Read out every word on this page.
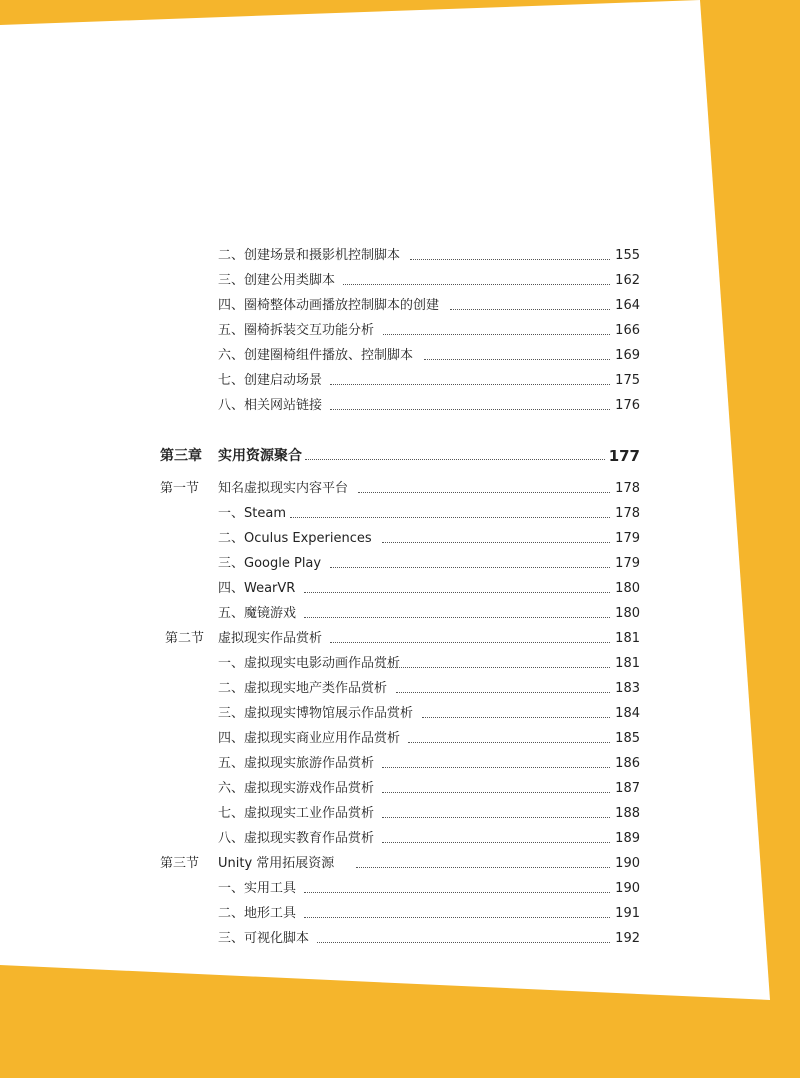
二、创建场景和摄影机控制脚本	155
三、创建公用类脚本	162
四、圈椅整体动画播放控制脚本的创建	164
五、圈椅拆装交互功能分析	166
六、创建圈椅组件播放、控制脚本	169
七、创建启动场景	175
八、相关网站链接	176
第三章 实用资源聚合	177
第一节 知名虚拟现实内容平台	178
一、Steam	178
二、Oculus Experiences	179
三、Google Play	179
四、WearVR	180
五、魔镜游戏	180
第二节 虚拟现实作品赏析	181
一、虚拟现实电影动画作品赏析	181
二、虚拟现实地产类作品赏析	183
三、虚拟现实博物馆展示作品赏析	184
四、虚拟现实商业应用作品赏析	185
五、虚拟现实旅游作品赏析	186
六、虚拟现实游戏作品赏析	187
七、虚拟现实工业作品赏析	188
八、虚拟现实教育作品赏析	189
第三节 Unity 常用拓展资源	190
一、实用工具	190
二、地形工具	191
三、可视化脚本	192
